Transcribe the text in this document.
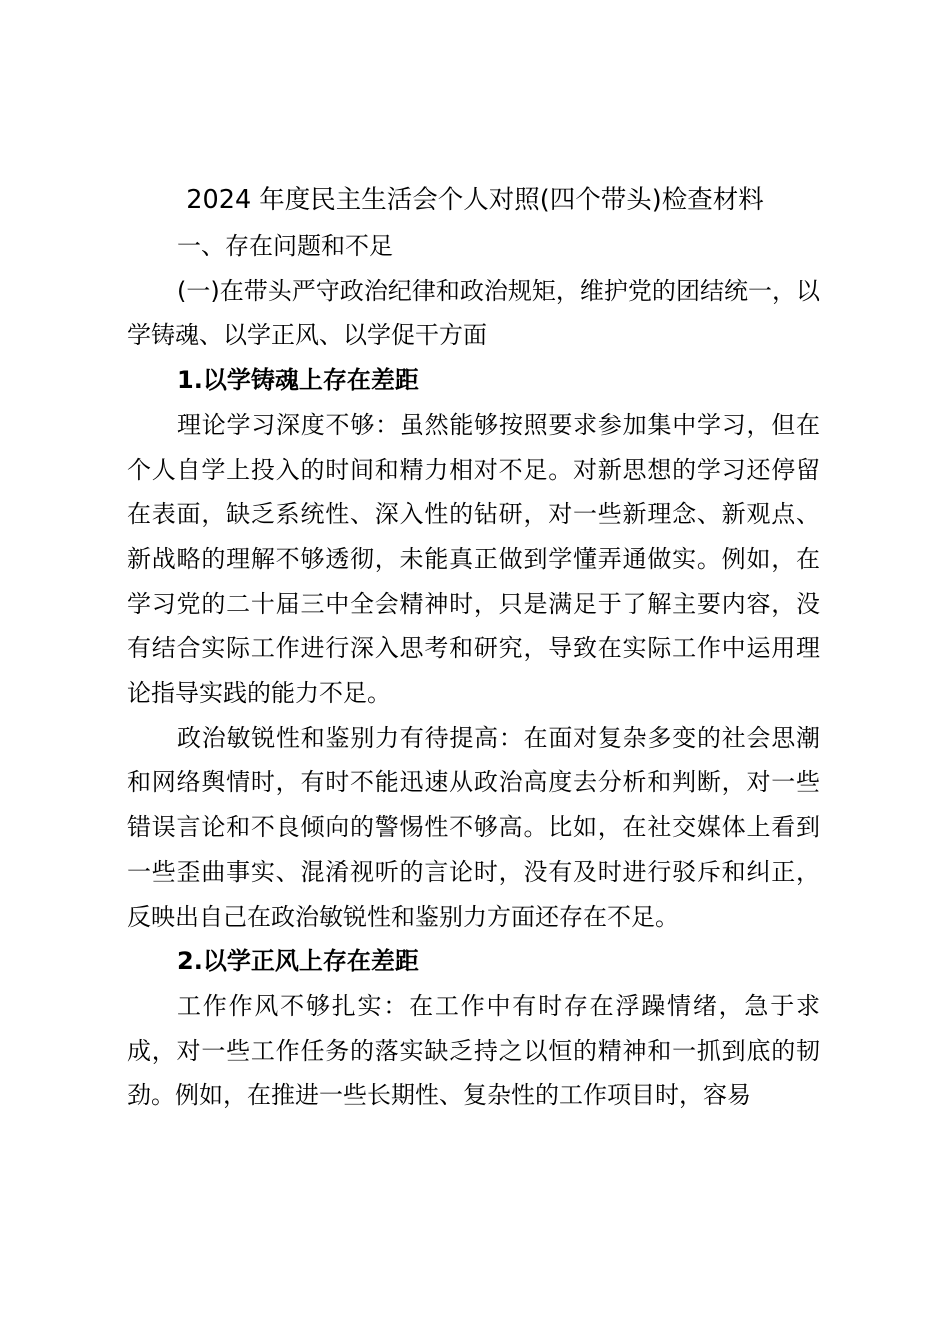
2024 年度民主生活会个人对照(四个带头)检查材料

一、存在问题和不足

(一)在带头严守政治纪律和政治规矩，维护党的团结统一，以学铸魂、以学正风、以学促干方面

1.以学铸魂上存在差距

理论学习深度不够：虽然能够按照要求参加集中学习，但在个人自学上投入的时间和精力相对不足。对新思想的学习还停留在表面，缺乏系统性、深入性的钻研，对一些新理念、新观点、新战略的理解不够透彻，未能真正做到学懂弄通做实。例如，在学习党的二十届三中全会精神时，只是满足于了解主要内容，没有结合实际工作进行深入思考和研究，导致在实际工作中运用理论指导实践的能力不足。

政治敏锐性和鉴别力有待提高：在面对复杂多变的社会思潮和网络舆情时，有时不能迅速从政治高度去分析和判断，对一些错误言论和不良倾向的警惕性不够高。比如，在社交媒体上看到一些歪曲事实、混淆视听的言论时，没有及时进行驳斥和纠正，反映出自己在政治敏锐性和鉴别力方面还存在不足。

2.以学正风上存在差距

工作作风不够扎实：在工作中有时存在浮躁情绪，急于求成，对一些工作任务的落实缺乏持之以恒的精神和一抓到底的韧劲。例如，在推进一些长期性、复杂性的工作项目时，容易
